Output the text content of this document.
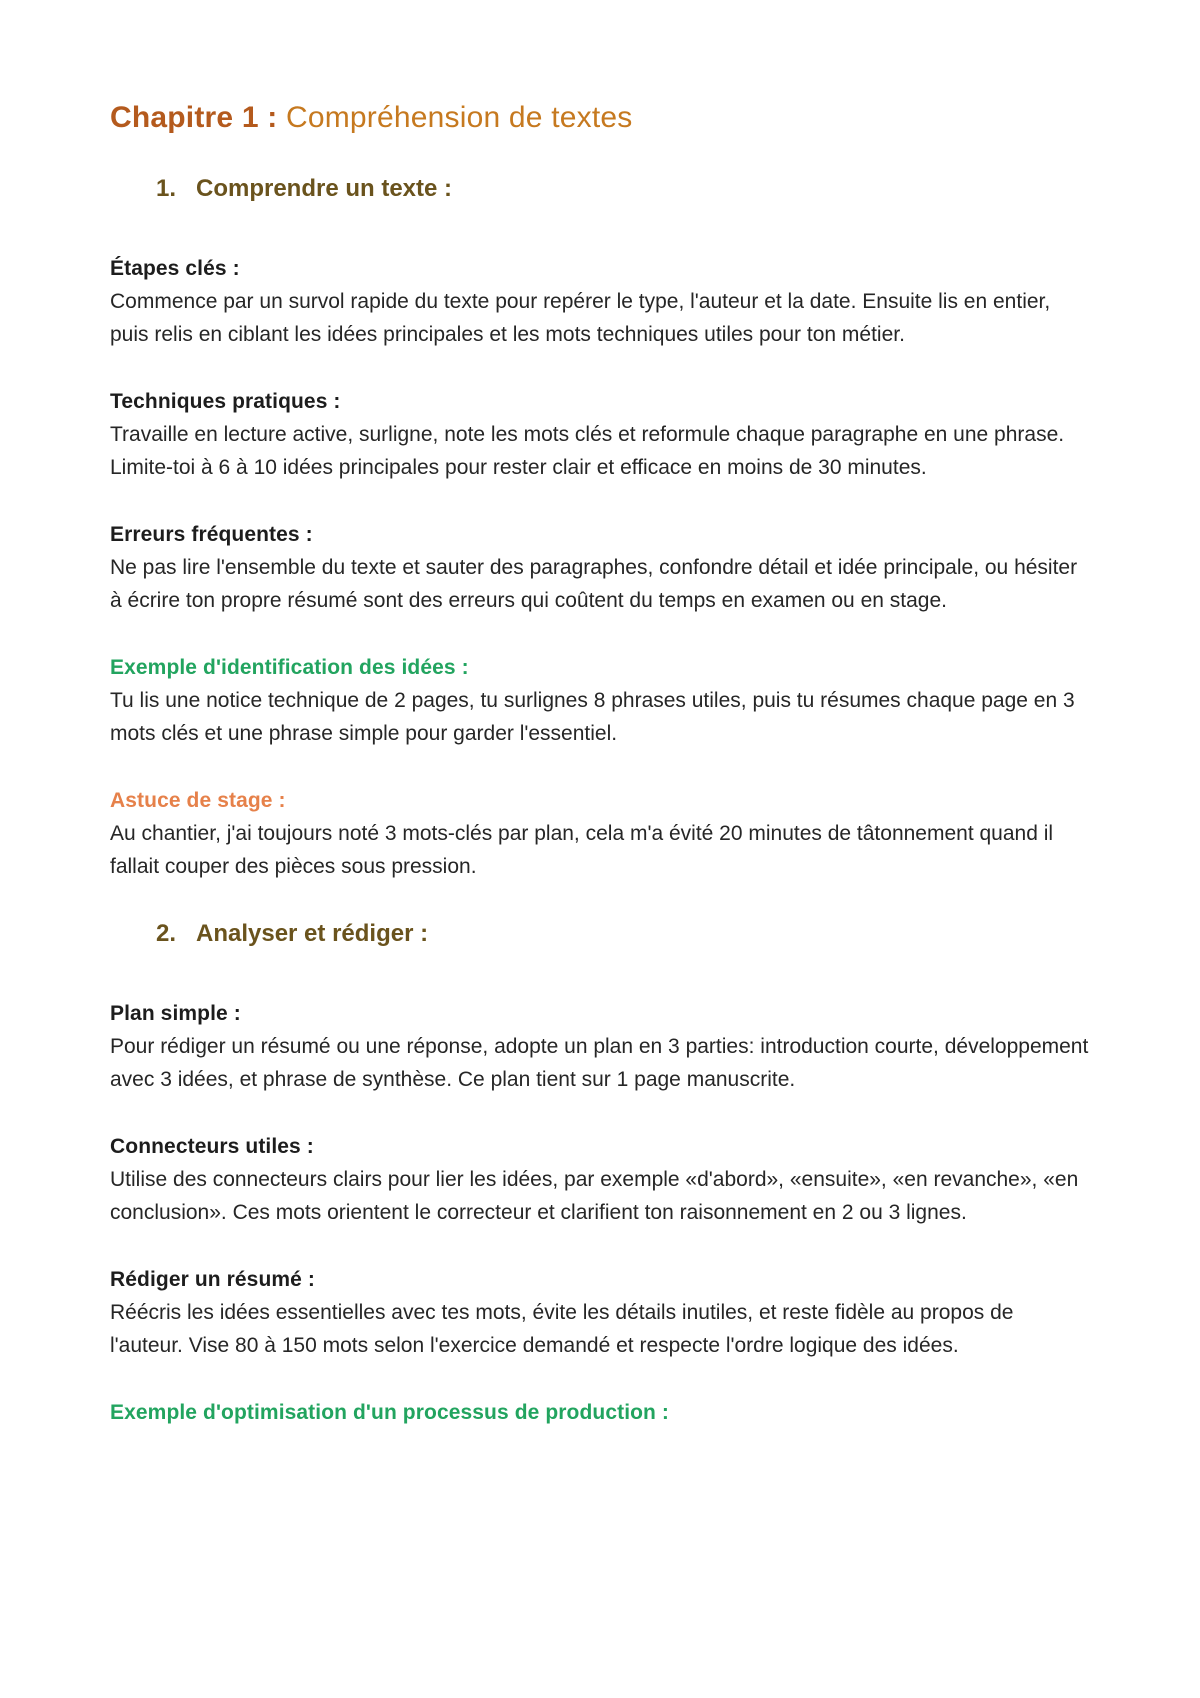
Chapitre 1 : Compréhension de textes
1. Comprendre un texte :
Étapes clés :
Commence par un survol rapide du texte pour repérer le type, l'auteur et la date. Ensuite lis en entier, puis relis en ciblant les idées principales et les mots techniques utiles pour ton métier.
Techniques pratiques :
Travaille en lecture active, surligne, note les mots clés et reformule chaque paragraphe en une phrase. Limite-toi à 6 à 10 idées principales pour rester clair et efficace en moins de 30 minutes.
Erreurs fréquentes :
Ne pas lire l'ensemble du texte et sauter des paragraphes, confondre détail et idée principale, ou hésiter à écrire ton propre résumé sont des erreurs qui coûtent du temps en examen ou en stage.
Exemple d'identification des idées :
Tu lis une notice technique de 2 pages, tu surlignes 8 phrases utiles, puis tu résumes chaque page en 3 mots clés et une phrase simple pour garder l'essentiel.
Astuce de stage :
Au chantier, j'ai toujours noté 3 mots-clés par plan, cela m'a évité 20 minutes de tâtonnement quand il fallait couper des pièces sous pression.
2. Analyser et rédiger :
Plan simple :
Pour rédiger un résumé ou une réponse, adopte un plan en 3 parties: introduction courte, développement avec 3 idées, et phrase de synthèse. Ce plan tient sur 1 page manuscrite.
Connecteurs utiles :
Utilise des connecteurs clairs pour lier les idées, par exemple «d'abord», «ensuite», «en revanche», «en conclusion». Ces mots orientent le correcteur et clarifient ton raisonnement en 2 ou 3 lignes.
Rédiger un résumé :
Réécris les idées essentielles avec tes mots, évite les détails inutiles, et reste fidèle au propos de l'auteur. Vise 80 à 150 mots selon l'exercice demandé et respecte l'ordre logique des idées.
Exemple d'optimisation d'un processus de production :
